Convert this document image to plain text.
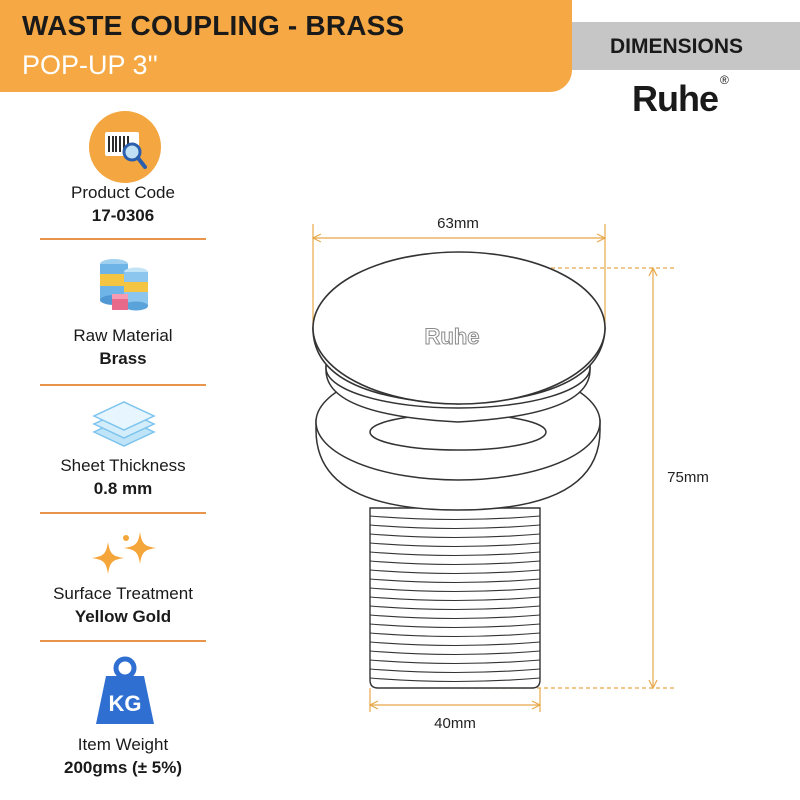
WASTE COUPLING - BRASS
POP-UP 3''
DIMENSIONS
Ruhe ®
Product Code
17-0306
Raw Material
Brass
Sheet Thickness
0.8 mm
Surface Treatment
Yellow Gold
KG
Item Weight
200gms (± 5%)
63mm
75mm
Ruhe
40mm
